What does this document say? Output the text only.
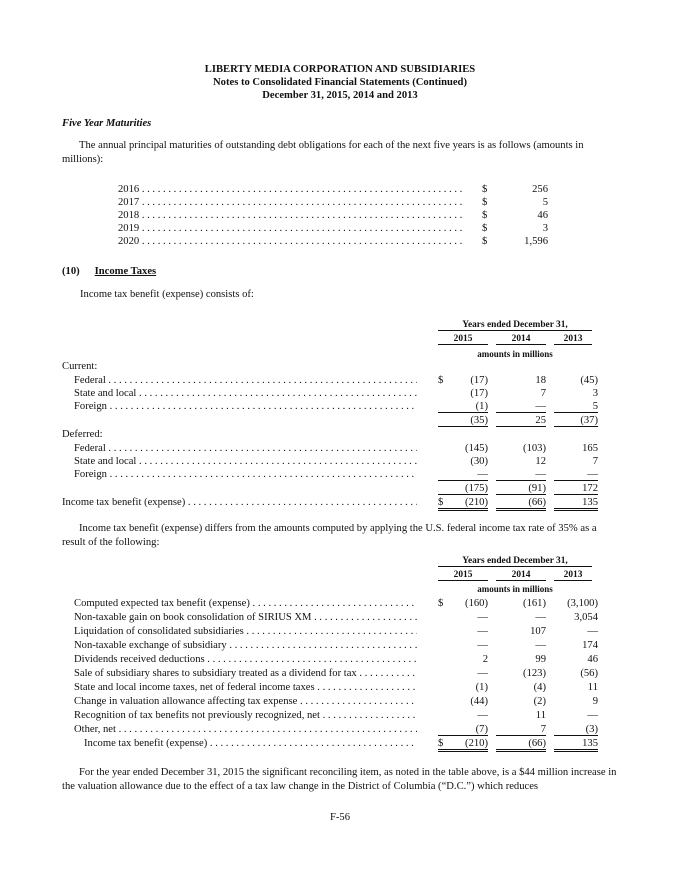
LIBERTY MEDIA CORPORATION AND SUBSIDIARIES
Notes to Consolidated Financial Statements (Continued)
December 31, 2015, 2014 and 2013
Five Year Maturities
The annual principal maturities of outstanding debt obligations for each of the next five years is as follows (amounts in millions):
2016 . . .	$	256
2017 . . .	$	5
2018 . . .	$	46
2019 . . .	$	3
2020 . . .	$	1,596
(10) Income Taxes
Income tax benefit (expense) consists of:
Years ended December 31,
2015	2014	2013
amounts in millions
Current:
Federal . . .	$	(17)	18	(45)
State and local . . .	(17)	7	3
Foreign . . .	(1)	—	5
(35)	25	(37)
Deferred:
Federal . . .	(145)	(103)	165
State and local . . .	(30)	12	7
Foreign . . .	—	—	—
(175)	(91)	172
Income tax benefit (expense) . . .	$	(210)	(66)	135
Income tax benefit (expense) differs from the amounts computed by applying the U.S. federal income tax rate of 35% as a result of the following:
Years ended December 31,
2015	2014	2013
amounts in millions
Computed expected tax benefit (expense) . . .	$	(160)	(161)	(3,100)
Non-taxable gain on book consolidation of SIRIUS XM . . .	—	—	3,054
Liquidation of consolidated subsidiaries . . .	—	107	—
Non-taxable exchange of subsidiary . . .	—	—	174
Dividends received deductions . . .	2	99	46
Sale of subsidiary shares to subsidiary treated as a dividend for tax . . .	—	(123)	(56)
State and local income taxes, net of federal income taxes . . .	(1)	(4)	11
Change in valuation allowance affecting tax expense . . .	(44)	(2)	9
Recognition of tax benefits not previously recognized, net . . .	—	11	—
Other, net . . .	(7)	7	(3)
Income tax benefit (expense) . . .	$	(210)	(66)	135
For the year ended December 31, 2015 the significant reconciling item, as noted in the table above, is a $44 million increase in the valuation allowance due to the effect of a tax law change in the District of Columbia (“D.C.”) which reduces
F-56
